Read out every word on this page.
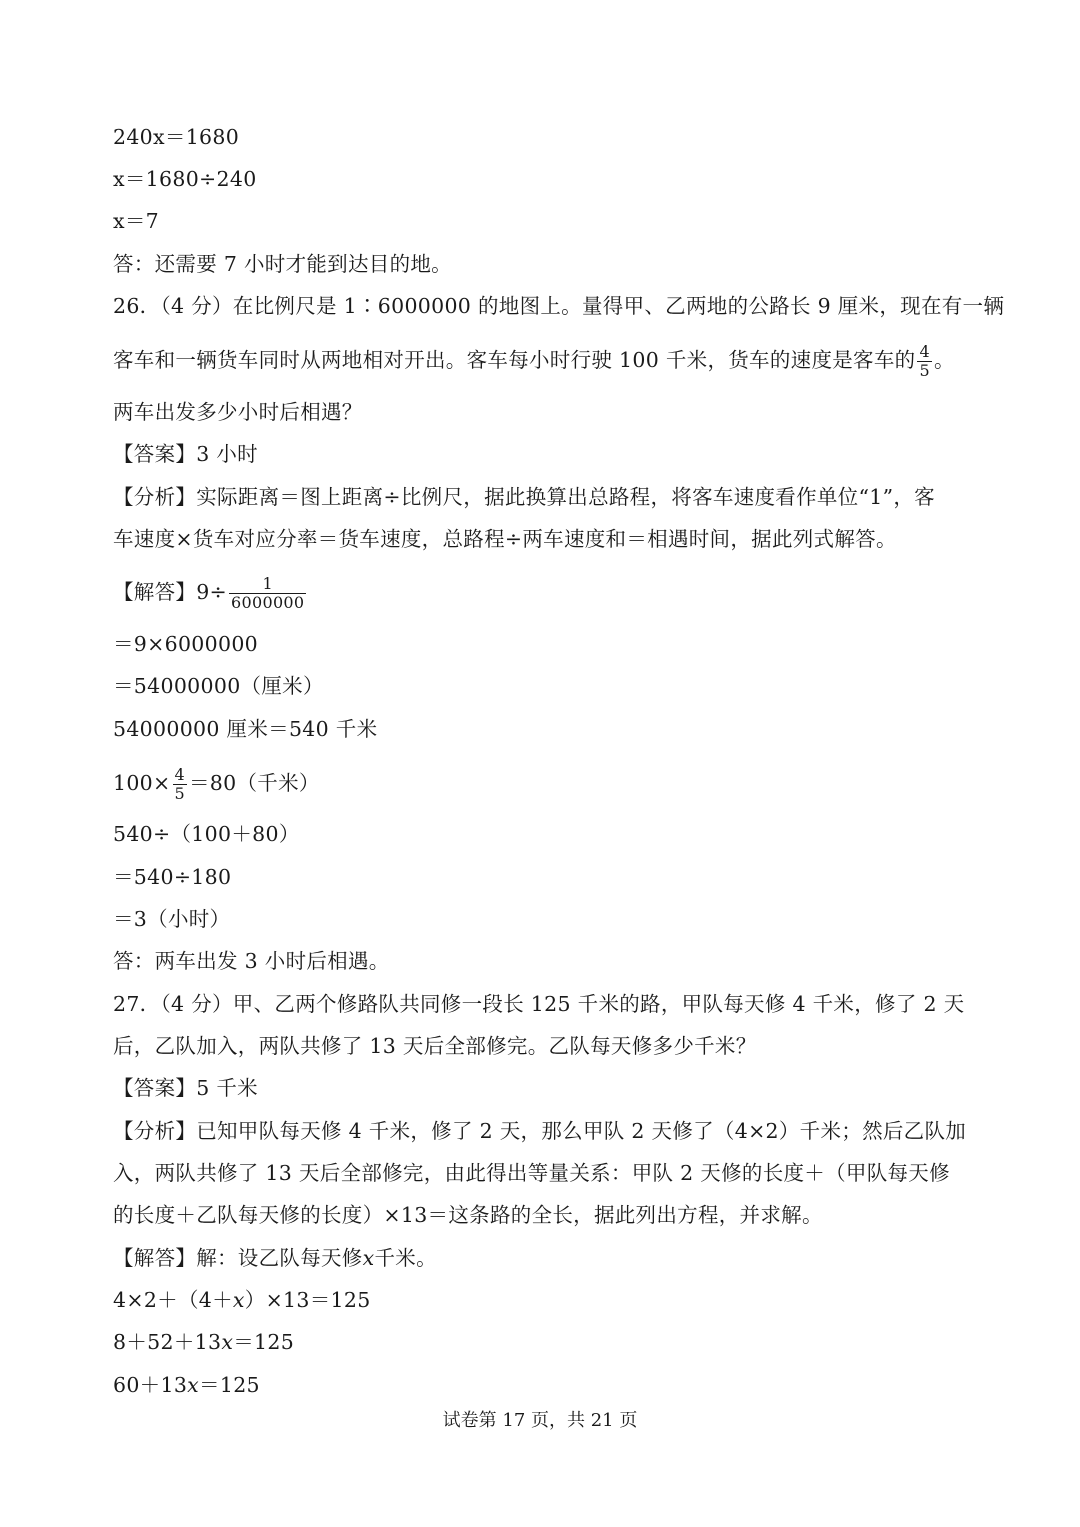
240x＝1680
x＝1680÷240
x＝7
答：还需要 7 小时才能到达目的地。
26．（4 分）在比例尺是 1∶6000000 的地图上。量得甲、乙两地的公路长 9 厘米，现在有一辆
客车和一辆货车同时从两地相对开出。客车每小时行驶 100 千米，货车的速度是客车的 $\frac{4}{5}$ 。
两车出发多少小时后相遇？
【答案】3 小时
【分析】实际距离＝图上距离÷比例尺，据此换算出总路程，将客车速度看作单位“1”，客
车速度×货车对应分率＝货车速度，总路程÷两车速度和＝相遇时间，据此列式解答。
【解答】$9\div \frac{1}{6000000}$
＝9×6000000
＝54000000（厘米）
54000000 厘米＝540 千米
$100\times \frac{4}{5} =80$（千米）
540÷（100＋80）
＝540÷180
＝3（小时）
答：两车出发 3 小时后相遇。
27．（4 分）甲、乙两个修路队共同修一段长 125 千米的路，甲队每天修 4 千米，修了 2 天
后，乙队加入，两队共修了 13 天后全部修完。乙队每天修多少千米？
【答案】5 千米
【分析】已知甲队每天修 4 千米，修了 2 天，那么甲队 2 天修了（4×2）千米；然后乙队加
入，两队共修了 13 天后全部修完，由此得出等量关系：甲队 2 天修的长度＋（甲队每天修
的长度＋乙队每天修的长度）×13＝这条路的全长，据此列出方程，并求解。
【解答】解：设乙队每天修x千米。
4×2＋（4＋x）×13＝125
8＋52＋13x＝125
60＋13x＝125
试卷第 17 页，共 21 页
